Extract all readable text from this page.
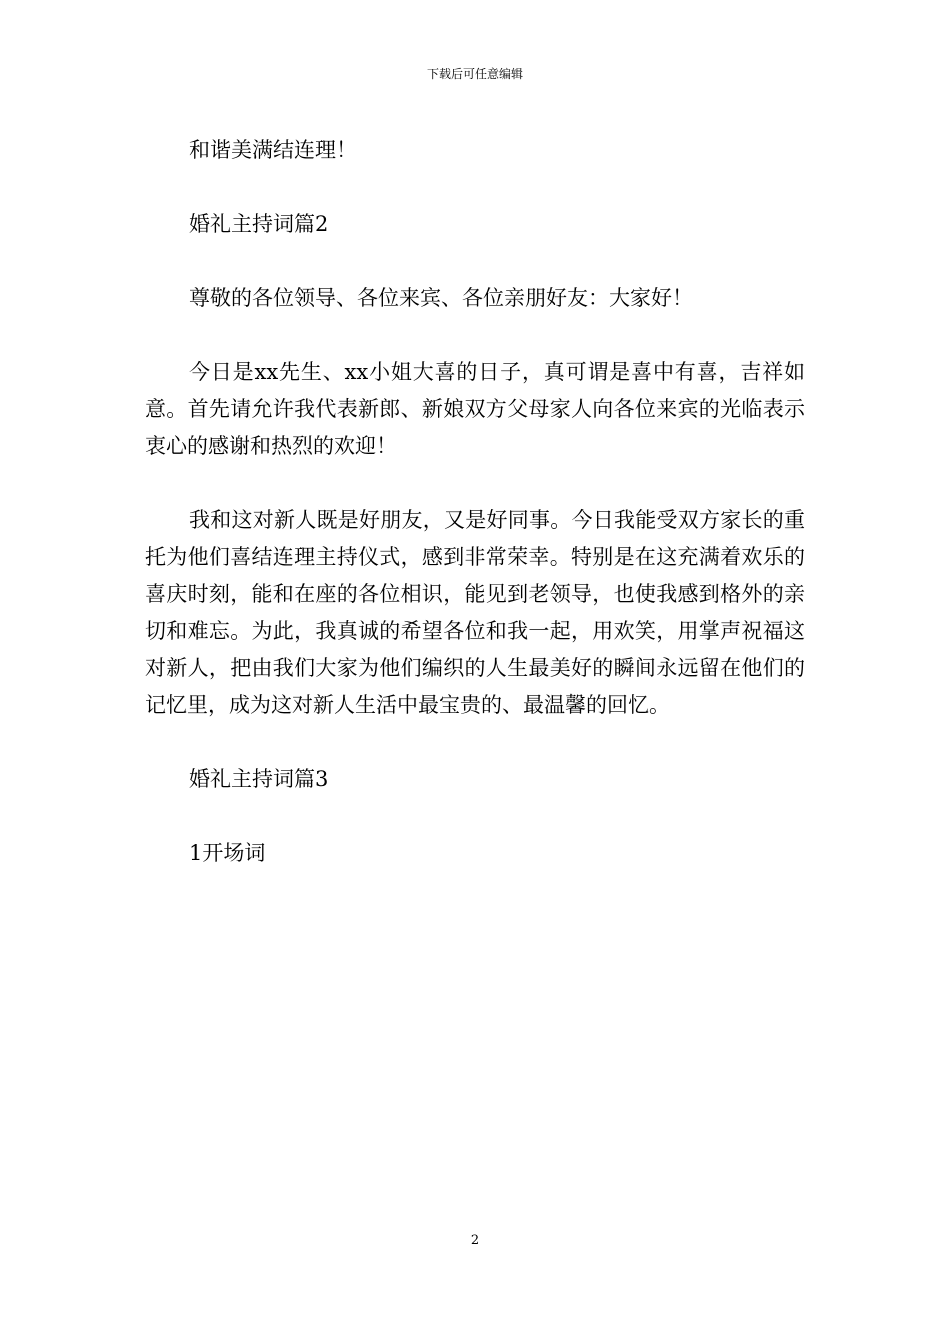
下载后可任意编辑

和谐美满结连理！

婚礼主持词篇2

尊敬的各位领导、各位来宾、各位亲朋好友：大家好！

今日是xx先生、xx小姐大喜的日子，真可谓是喜中有喜，吉祥如意。首先请允许我代表新郎、新娘双方父母家人向各位来宾的光临表示衷心的感谢和热烈的欢迎！

我和这对新人既是好朋友，又是好同事。今日我能受双方家长的重托为他们喜结连理主持仪式，感到非常荣幸。特别是在这充满着欢乐的喜庆时刻，能和在座的各位相识，能见到老领导，也使我感到格外的亲切和难忘。为此，我真诚的希望各位和我一起，用欢笑，用掌声祝福这对新人，把由我们大家为他们编织的人生最美好的瞬间永远留在他们的记忆里，成为这对新人生活中最宝贵的、最温馨的回忆。

婚礼主持词篇3

1开场词

2
